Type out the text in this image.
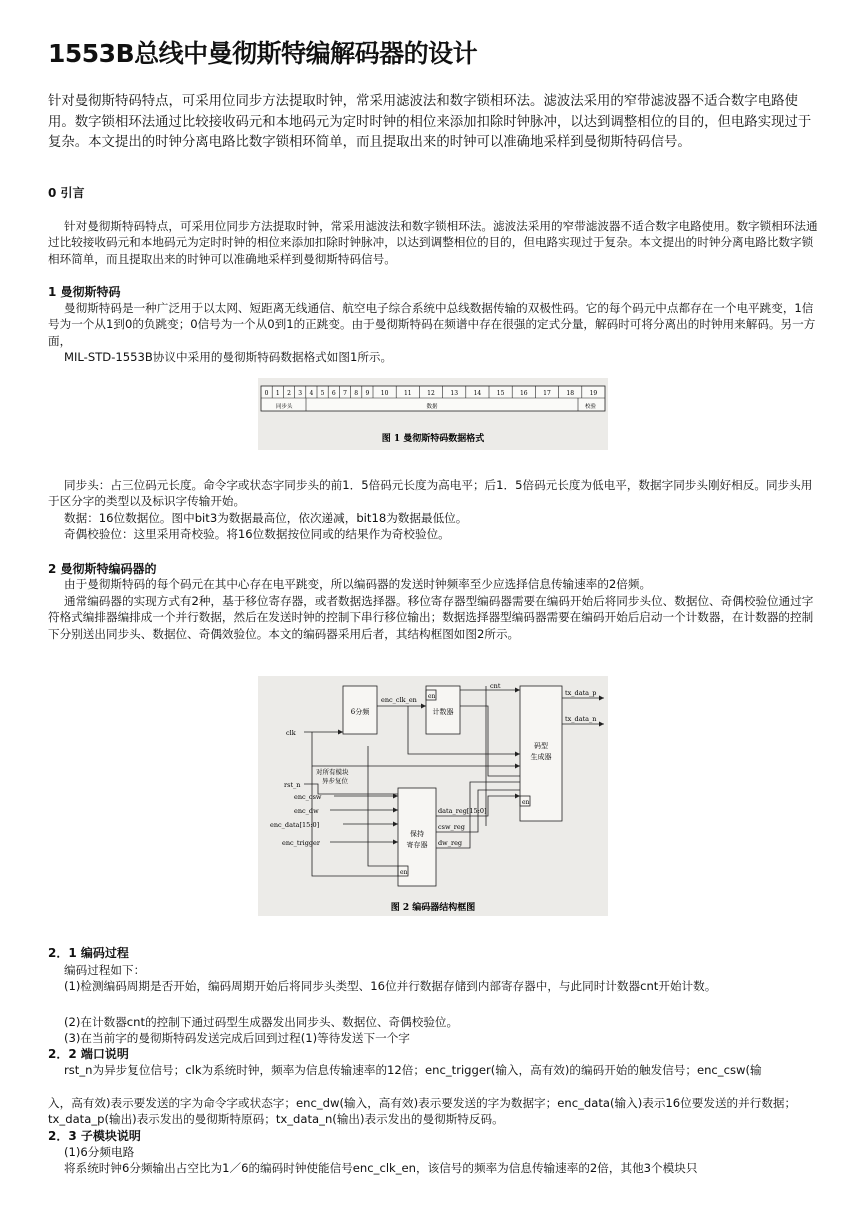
1553B总线中曼彻斯特编解码器的设计

针对曼彻斯特码特点，可采用位同步方法提取时钟，常采用滤波法和数字锁相环法。滤波法采用的窄带滤波器不适合数字电路使用。数字锁相环法通过比较接收码元和本地码元为定时时钟的相位来添加扣除时钟脉冲，以达到调整相位的目的，但电路实现过于复杂。本文提出的时钟分离电路比数字锁相环简单，而且提取出来的时钟可以准确地采样到曼彻斯特码信号。

0 引言

针对曼彻斯特码特点，可采用位同步方法提取时钟，常采用滤波法和数字锁相环法。滤波法采用的窄带滤波器不适合数字电路使用。数字锁相环法通过比较接收码元和本地码元为定时时钟的相位来添加扣除时钟脉冲，以达到调整相位的目的，但电路实现过于复杂。本文提出的时钟分离电路比数字锁相环简单，而且提取出来的时钟可以准确地采样到曼彻斯特码信号。

1 曼彻斯特码

曼彻斯特码是一种广泛用于以太网、短距离无线通信、航空电子综合系统中总线数据传输的双极性码。它的每个码元中点都存在一个电平跳变，1信号为一个从1到0的负跳变；0信号为一个从0到1的正跳变。由于曼彻斯特码在频谱中存在很强的定式分量，解码时可将分离出的时钟用来解码。另一方面，

MIL-STD-1553B协议中采用的曼彻斯特码数据格式如图1所示。

同步头：占三位码元长度。命令字或状态字同步头的前1．5倍码元长度为高电平；后1．5倍码元长度为低电平，数据字同步头刚好相反。同步头用于区分字的类型以及标识字传输开始。

数据：16位数据位。图中bit3为数据最高位，依次递减，bit18为数据最低位。

奇偶校验位：这里采用奇校验。将16位数据按位同或的结果作为奇校验位。

2 曼彻斯特编码器的

由于曼彻斯特码的每个码元在其中心存在电平跳变，所以编码器的发送时钟频率至少应选择信息传输速率的2倍频。

通常编码器的实现方式有2种，基于移位寄存器，或者数据选择器。移位寄存器型编码器需要在编码开始后将同步头位、数据位、奇偶校验位通过字符格式编排器编排成一个并行数据，然后在发送时钟的控制下串行移位输出；数据选择器型编码器需要在编码开始后启动一个计数器，在计数器的控制下分别送出同步头、数据位、奇偶效验位。本文的编码器采用后者，其结构框图如图2所示。

2．1 编码过程

编码过程如下：

(1)检测编码周期是否开始，编码周期开始后将同步头类型、16位并行数据存储到内部寄存器中，与此同时计数器cnt开始计数。

(2)在计数器cnt的控制下通过码型生成器发出同步头、数据位、奇偶校验位。

(3)在当前字的曼彻斯特码发送完成后回到过程(1)等待发送下一个字

2．2 端口说明

rst_n为异步复位信号；clk为系统时钟，频率为信息传输速率的12倍；enc_trigger(输入，高有效)的编码开始的触发信号；enc_csw(输

入，高有效)表示要发送的字为命令字或状态字；enc_dw(输入，高有效)表示要发送的字为数据字；enc_data(输入)表示16位要发送的并行数据；tx_data_p(输出)表示发出的曼彻斯特原码；tx_data_n(输出)表示发出的曼彻斯特反码。

2．3 子模块说明

(1)6分频电路

将系统时钟6分频输出占空比为1／6的编码时钟使能信号enc_clk_en，该信号的频率为信息传输速率的2倍，其他3个模块只

0 1 2 3 4 5 6 7 8 9 10	11	12	13	14	15	16	17	18	19
同步头	数据	校验
图 1 曼彻斯特码数据格式
6分频	计数器
码型
生成器
保持
寄存器
enc_clk_en en
en
en
cnt
tx_data_p
tx_data_n
clk
对所有模块
异步复位
rst_n
enc_csw
enc_dw
enc_data[15:0]
enc_trigger
data_reg[15:0]
csw_reg
dw_reg
图 2 编码器结构框图
